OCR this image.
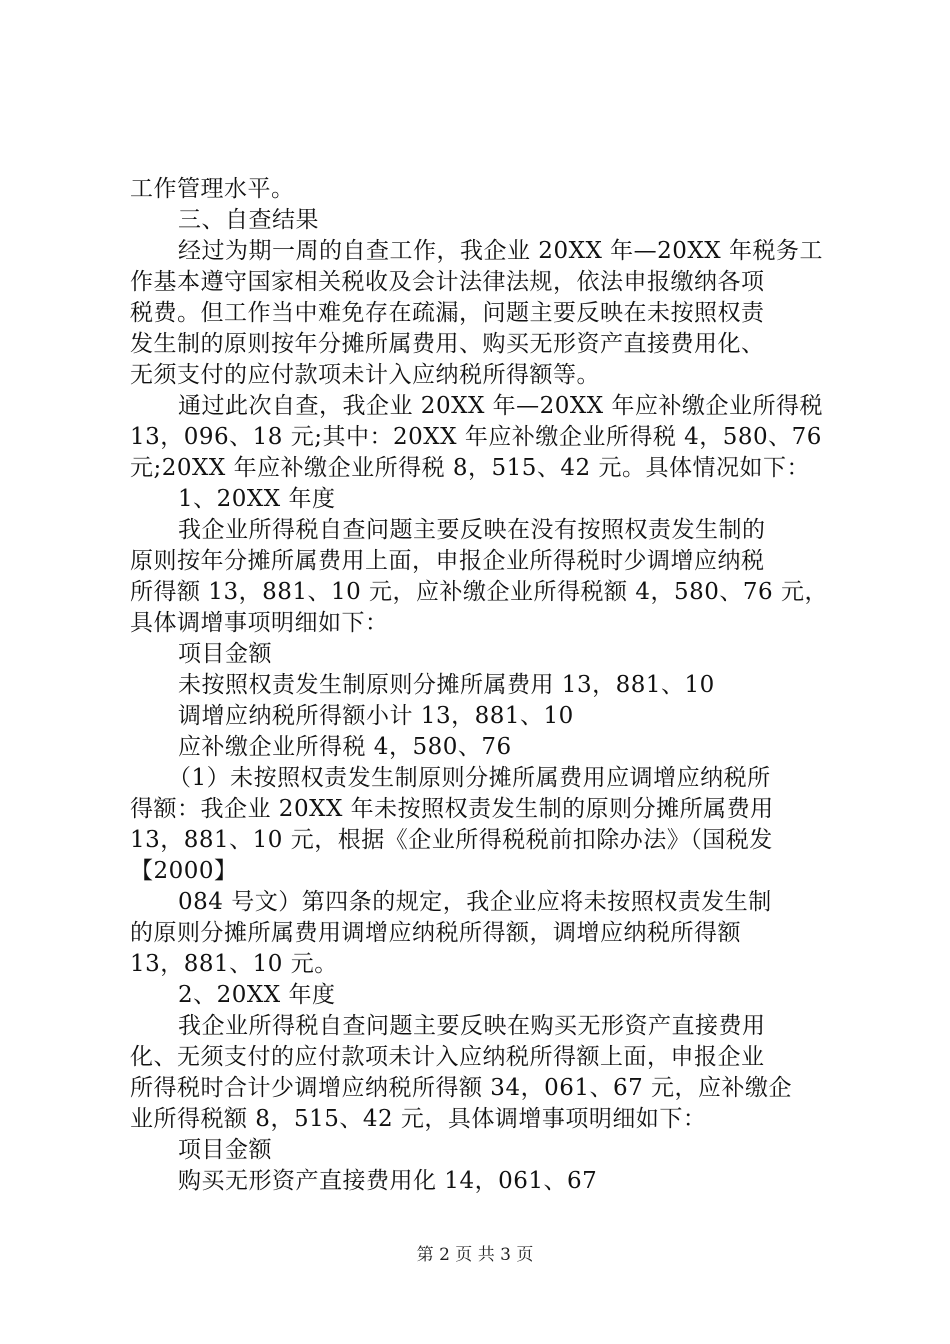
工作管理水平。
三、自查结果
经过为期一周的自查工作，我企业 20XX 年—20XX 年税务工
作基本遵守国家相关税收及会计法律法规，依法申报缴纳各项
税费。但工作当中难免存在疏漏，问题主要反映在未按照权责
发生制的原则按年分摊所属费用、购买无形资产直接费用化、
无须支付的应付款项未计入应纳税所得额等。
通过此次自查，我企业 20XX 年—20XX 年应补缴企业所得税
13，096、18 元;其中：20XX 年应补缴企业所得税 4，580、76
元;20XX 年应补缴企业所得税 8，515、42 元。具体情况如下：
1、20XX 年度
我企业所得税自查问题主要反映在没有按照权责发生制的
原则按年分摊所属费用上面，申报企业所得税时少调增应纳税
所得额 13，881、10 元，应补缴企业所得税额 4，580、76 元，
具体调增事项明细如下：
项目金额
未按照权责发生制原则分摊所属费用 13，881、10
调增应纳税所得额小计 13，881、10
应补缴企业所得税 4，580、76
（1）未按照权责发生制原则分摊所属费用应调增应纳税所
得额：我企业 20XX 年未按照权责发生制的原则分摊所属费用
13，881、10 元，根据《企业所得税税前扣除办法》（国税发
【2000】
084 号文）第四条的规定，我企业应将未按照权责发生制
的原则分摊所属费用调增应纳税所得额，调增应纳税所得额
13，881、10 元。
2、20XX 年度
我企业所得税自查问题主要反映在购买无形资产直接费用
化、无须支付的应付款项未计入应纳税所得额上面，申报企业
所得税时合计少调增应纳税所得额 34，061、67 元，应补缴企
业所得税额 8，515、42 元，具体调增事项明细如下：
项目金额
购买无形资产直接费用化 14，061、67
第 2 页 共 3 页
